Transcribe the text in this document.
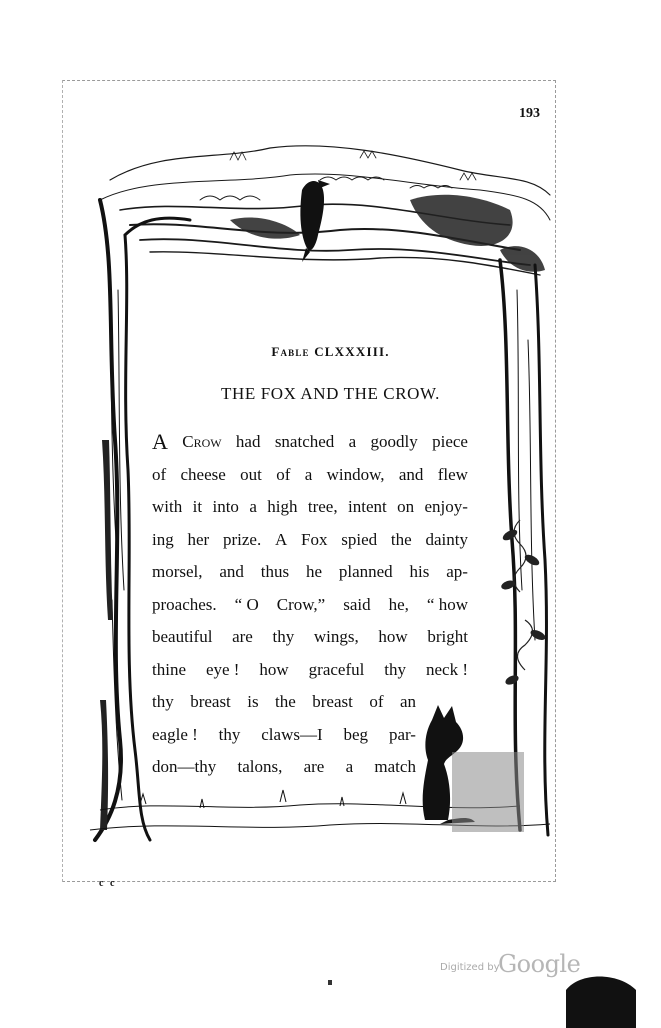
193
Fable CLXXXIII.
THE FOX AND THE CROW.
A Crow had snatched a goodly piece
of cheese out of a window, and flew
with it into a high tree, intent on enjoy-
ing her prize. A Fox spied the dainty
morsel, and thus he planned his ap-
proaches. “ O Crow,” said he, “ how
beautiful are thy wings, how bright
thine eye ! how graceful thy neck !
thy breast is the breast of an
eagle ! thy claws—I beg par-
don—thy talons, are a match
c c
Digitized by
Google
